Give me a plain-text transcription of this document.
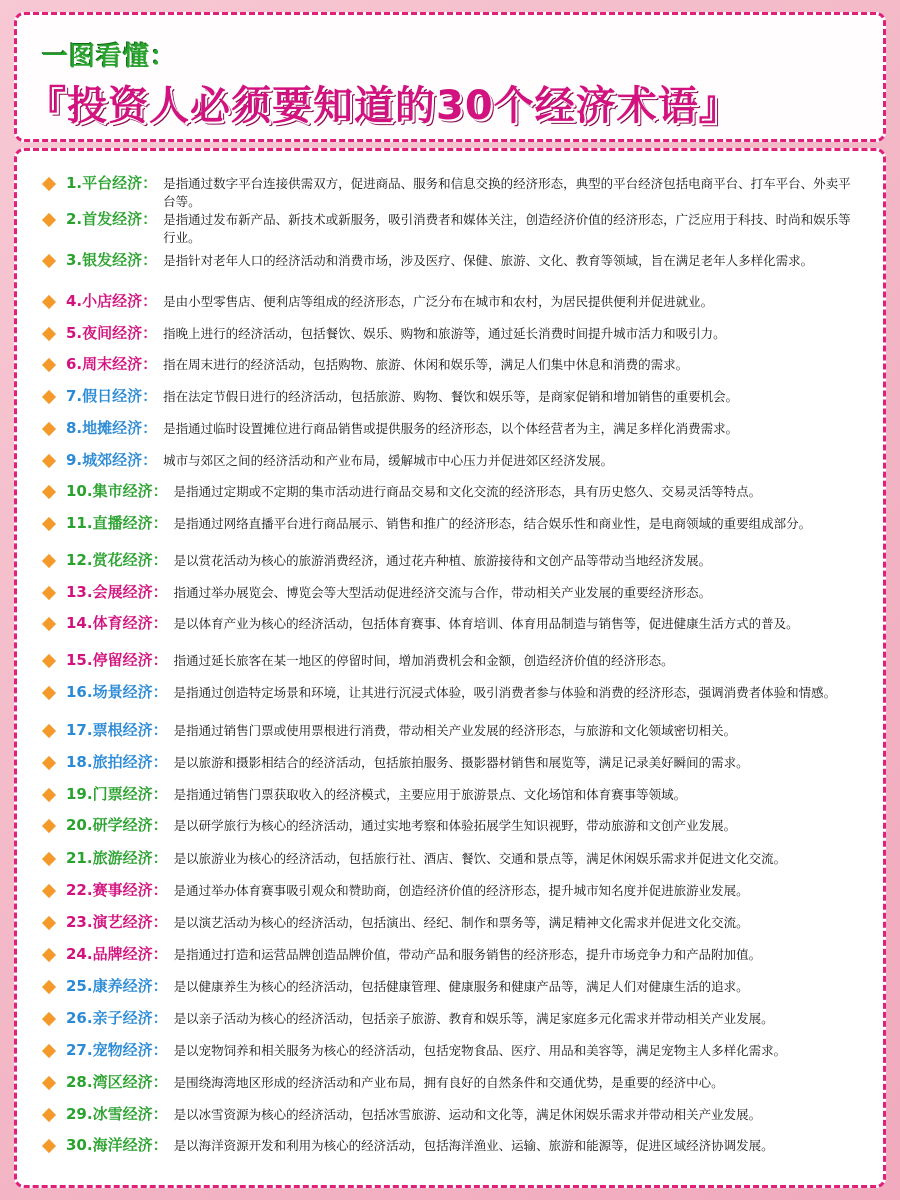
一图看懂：
『投资人必须要知道的30个经济术语』
1.平台经济： 是指通过数字平台连接供需双方，促进商品、服务和信息交换的经济形态，典型的平台经济包括电商平台、打车平台、外卖平台等。
2.首发经济： 是指通过发布新产品、新技术或新服务，吸引消费者和媒体关注，创造经济价值的经济形态，广泛应用于科技、时尚和娱乐等行业。
3.银发经济： 是指针对老年人口的经济活动和消费市场，涉及医疗、保健、旅游、文化、教育等领域，旨在满足老年人多样化需求。
4.小店经济： 是由小型零售店、便利店等组成的经济形态，广泛分布在城市和农村，为居民提供便利并促进就业。
5.夜间经济： 指晚上进行的经济活动，包括餐饮、娱乐、购物和旅游等，通过延长消费时间提升城市活力和吸引力。
6.周末经济： 指在周末进行的经济活动，包括购物、旅游、休闲和娱乐等，满足人们集中休息和消费的需求。
7.假日经济： 指在法定节假日进行的经济活动，包括旅游、购物、餐饮和娱乐等，是商家促销和增加销售的重要机会。
8.地摊经济： 是指通过临时设置摊位进行商品销售或提供服务的经济形态，以个体经营者为主，满足多样化消费需求。
9.城郊经济： 城市与郊区之间的经济活动和产业布局，缓解城市中心压力并促进郊区经济发展。
10.集市经济： 是指通过定期或不定期的集市活动进行商品交易和文化交流的经济形态，具有历史悠久、交易灵活等特点。
11.直播经济： 是指通过网络直播平台进行商品展示、销售和推广的经济形态，结合娱乐性和商业性，是电商领域的重要组成部分。
12.赏花经济： 是以赏花活动为核心的旅游消费经济，通过花卉种植、旅游接待和文创产品等带动当地经济发展。
13.会展经济： 指通过举办展览会、博览会等大型活动促进经济交流与合作，带动相关产业发展的重要经济形态。
14.体育经济： 是以体育产业为核心的经济活动，包括体育赛事、体育培训、体育用品制造与销售等，促进健康生活方式的普及。
15.停留经济： 指通过延长旅客在某一地区的停留时间，增加消费机会和金额，创造经济价值的经济形态。
16.场景经济： 是指通过创造特定场景和环境，让其进行沉浸式体验，吸引消费者参与体验和消费的经济形态，强调消费者体验和情感。
17.票根经济： 是指通过销售门票或使用票根进行消费，带动相关产业发展的经济形态，与旅游和文化领域密切相关。
18.旅拍经济： 是以旅游和摄影相结合的经济活动，包括旅拍服务、摄影器材销售和展览等，满足记录美好瞬间的需求。
19.门票经济： 是指通过销售门票获取收入的经济模式，主要应用于旅游景点、文化场馆和体育赛事等领域。
20.研学经济： 是以研学旅行为核心的经济活动，通过实地考察和体验拓展学生知识视野，带动旅游和文创产业发展。
21.旅游经济： 是以旅游业为核心的经济活动，包括旅行社、酒店、餐饮、交通和景点等，满足休闲娱乐需求并促进文化交流。
22.赛事经济： 是通过举办体育赛事吸引观众和赞助商，创造经济价值的经济形态，提升城市知名度并促进旅游业发展。
23.演艺经济： 是以演艺活动为核心的经济活动，包括演出、经纪、制作和票务等，满足精神文化需求并促进文化交流。
24.品牌经济： 是指通过打造和运营品牌创造品牌价值，带动产品和服务销售的经济形态，提升市场竞争力和产品附加值。
25.康养经济： 是以健康养生为核心的经济活动，包括健康管理、健康服务和健康产品等，满足人们对健康生活的追求。
26.亲子经济： 是以亲子活动为核心的经济活动，包括亲子旅游、教育和娱乐等，满足家庭多元化需求并带动相关产业发展。
27.宠物经济： 是以宠物饲养和相关服务为核心的经济活动，包括宠物食品、医疗、用品和美容等，满足宠物主人多样化需求。
28.湾区经济： 是围绕海湾地区形成的经济活动和产业布局，拥有良好的自然条件和交通优势，是重要的经济中心。
29.冰雪经济： 是以冰雪资源为核心的经济活动，包括冰雪旅游、运动和文化等，满足休闲娱乐需求并带动相关产业发展。
30.海洋经济： 是以海洋资源开发和利用为核心的经济活动，包括海洋渔业、运输、旅游和能源等，促进区域经济协调发展。
